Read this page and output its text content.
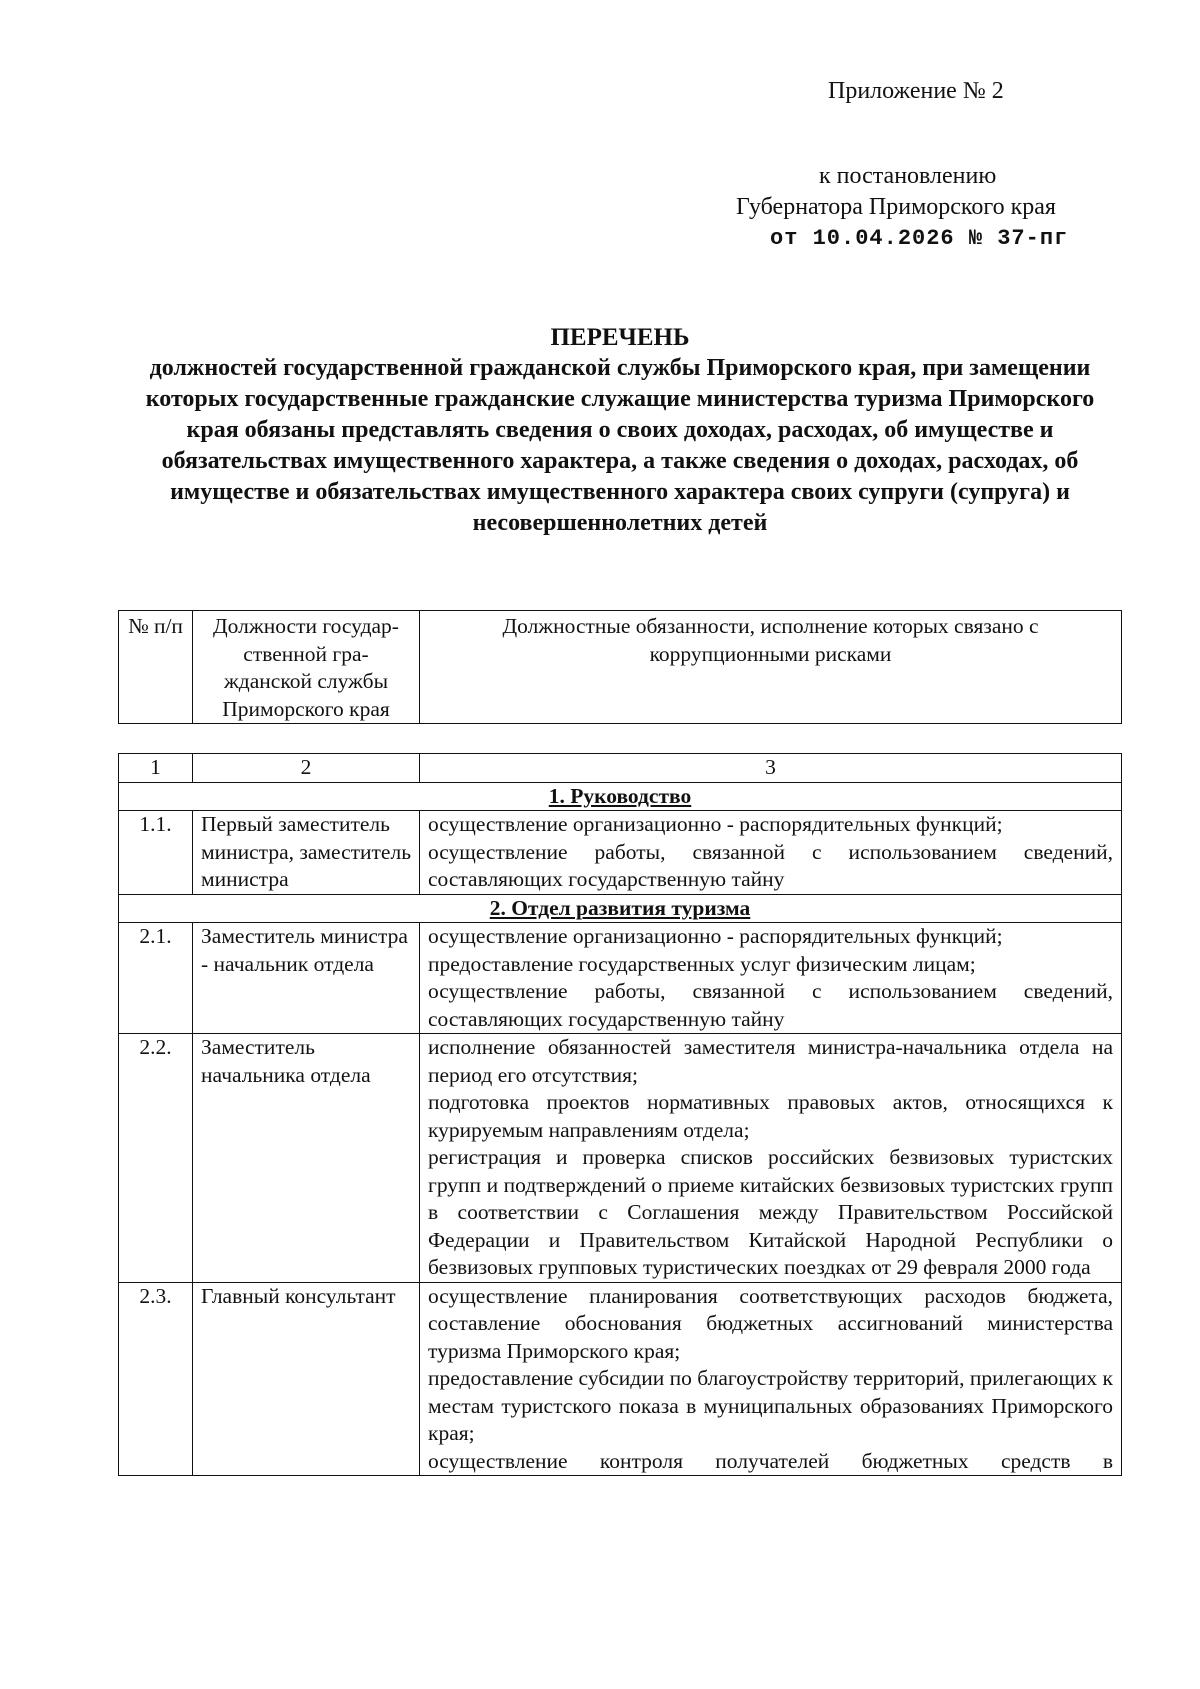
Приложение № 2
к постановлению
Губернатора Приморского края
от 10.04.2026 № 37-пг
ПЕРЕЧЕНЬ
должностей государственной гражданской службы Приморского края, при замещении которых государственные гражданские служащие министерства туризма Приморского края обязаны представлять сведения о своих доходах, расходах, об имуществе и обязательствах имущественного характера, а также сведения о доходах, расходах, об имуществе и обязательствах имущественного характера своих супруги (супруга) и несовершеннолетних детей
№ п/п	Должности государ-ственной гра-жданской службы Приморского края	Должностные обязанности, исполнение которых связано с коррупционными рисками
1	2	3
1. Руководство		
1.1.	Первый заместитель министра, заместитель министра	осуществление организационно - распорядительных функций;

осуществление работы, связанной с использованием сведений, составляющих государственную тайну

2. Отдел развития туризма		
2.1.	Заместитель министра - начальник отдела	осуществление организационно - распорядительных функций;

предоставление государственных услуг физическим лицам;

осуществление работы, связанной с использованием сведений, составляющих государственную тайну

2.2.	Заместитель начальника отдела	исполнение обязанностей заместителя министра-начальника отдела на период его отсутствия;

подготовка проектов нормативных правовых актов, относящихся к курируемым направлениям отдела;

регистрация и проверка списков российских безвизовых туристских групп и подтверждений о приеме китайских безвизовых туристских групп в соответствии с Соглашения между Правительством Российской Федерации и Правительством Китайской Народной Республики о безвизовых групповых туристических поездках от 29 февраля 2000 года

2.3.	Главный консультант	осуществление планирования соответствующих расходов бюджета, составление обоснования бюджетных ассигнований министерства туризма Приморского края;

предоставление субсидии по благоустройству территорий, прилегающих к местам туристского показа в муниципальных образованиях Приморского края;

осуществление контроля получателей бюджетных средств в
